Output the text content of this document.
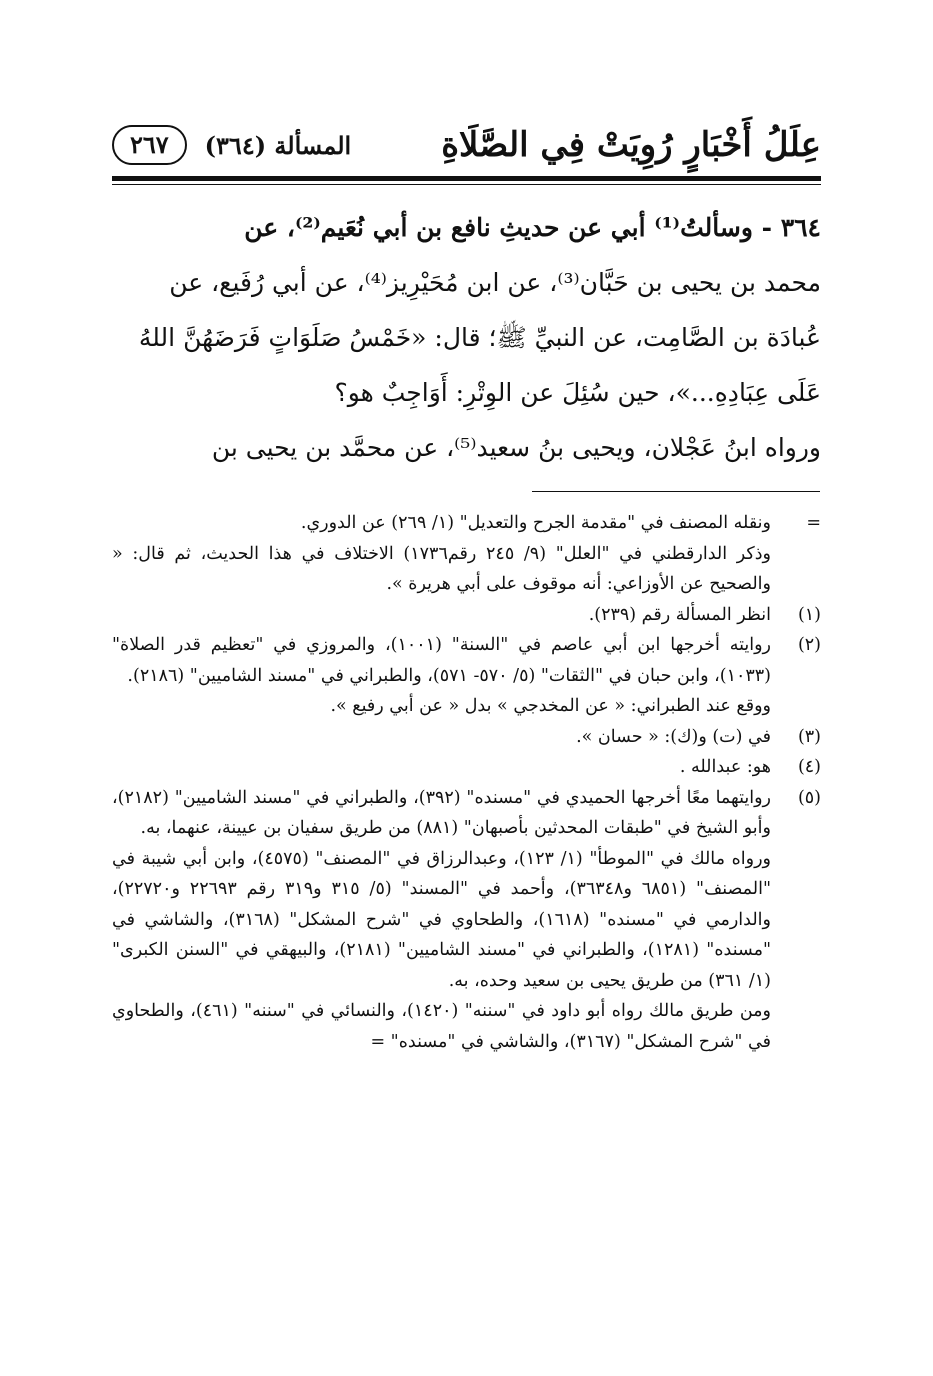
عِلَلُ أَخْبَارٍ رُوِيَتْ فِي الصَّلَاةِ
المسألة (٣٦٤)
٢٦٧

٣٦٤ - وسألتُ⁽¹⁾ أبي عن حديثِ نافع بن أبي نُعَيم⁽²⁾، عن

محمد بن يحيى بن حَبَّان⁽³⁾، عن ابن مُحَيْرِيز⁽⁴⁾، عن أبي رُفَيع، عن

عُبادَة بن الصَّامِت، عن النبيِّ ﷺ؛ قال: «خَمْسُ صَلَوَاتٍ فَرَضَهُنَّ اللهُ

عَلَى عِبَادِهِ...»، حين سُئِلَ عن الوِتْرِ: أَوَاجِبٌ هو؟

ورواه ابنُ عَجْلان، ويحيى بنُ سعيد⁽⁵⁾، عن محمَّد بن يحيى بن

=

ونقله المصنف في "مقدمة الجرح والتعديل" (١/ ٢٦٩) عن الدوري.

وذكر الدارقطني في "العلل" (٩/ ٢٤٥ رقم١٧٣٦) الاختلاف في هذا الحديث، ثم قال: « والصحيح عن الأوزاعي: أنه موقوف على أبي هريرة ».

(١)

انظر المسألة رقم (٢٣٩).

(٢)

روايته أخرجها ابن أبي عاصم في "السنة" (١٠٠١)، والمروزي في "تعظيم قدر الصلاة" (١٠٣٣)، وابن حبان في "الثقات" (٥/ ٥٧٠- ٥٧١)، والطبراني في "مسند الشاميين" (٢١٨٦).

ووقع عند الطبراني: « عن المخدجي » بدل « عن أبي رفيع ».

(٣)

في (ت) و(ك): « حسان ».

(٤)

هو: عبدالله .

(٥)

روايتهما معًا أخرجها الحميدي في "مسنده" (٣٩٢)، والطبراني في "مسند الشاميين" (٢١٨٢)، وأبو الشيخ في "طبقات المحدثين بأصبهان" (٨٨١) من طريق سفيان بن عيينة، عنهما، به.

ورواه مالك في "الموطأ" (١/ ١٢٣)، وعبدالرزاق في "المصنف" (٤٥٧٥)، وابن أبي شيبة في "المصنف" (٦٨٥١ و٣٦٣٤٨)، وأحمد في "المسند" (٥/ ٣١٥ و٣١٩ رقم ٢٢٦٩٣ و٢٢٧٢٠)، والدارمي في "مسنده" (١٦١٨)، والطحاوي في "شرح المشكل" (٣١٦٨)، والشاشي في "مسنده" (١٢٨١)، والطبراني في "مسند الشاميين" (٢١٨١)، والبيهقي في "السنن الكبرى" (١/ ٣٦١) من طريق يحيى بن سعيد وحده، به.

ومن طريق مالك رواه أبو داود في "سننه" (١٤٢٠)، والنسائي في "سننه" (٤٦١)، والطحاوي في "شرح المشكل" (٣١٦٧)، والشاشي في "مسنده" =
